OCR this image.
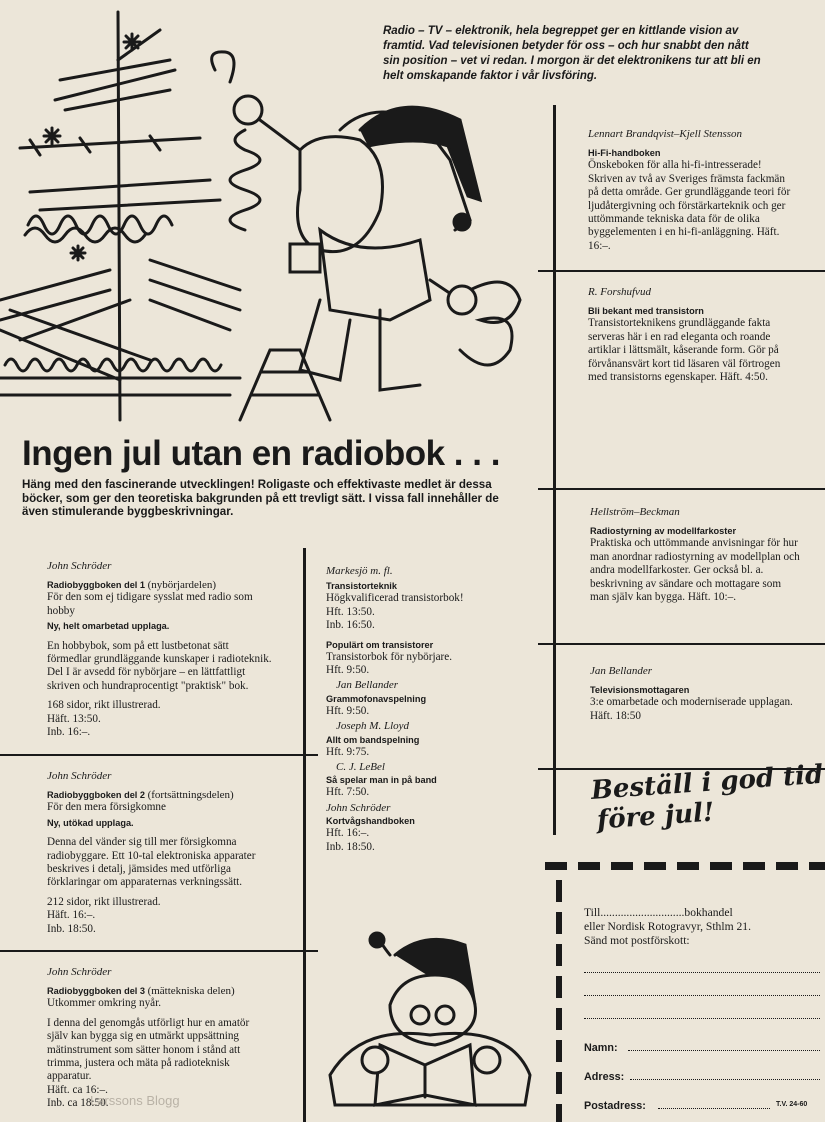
Radio – TV – elektronik, hela begreppet ger en kittlande vision av framtid. Vad televisionen betyder för oss – och hur snabbt den nått sin position – vet vi redan. I morgon är det elektronikens tur att bli en helt omskapande faktor i vår livsföring.
Lennart Brandqvist–Kjell Stensson
Hi-Fi-handboken

Önskeboken för alla hi-fi-intresserade! Skriven av två av Sveriges främsta fackmän på detta område. Ger grundläggande teori för ljudåtergivning och förstärkarteknik och ger uttömmande tekniska data för de olika byggelementen i en hi-fi-anläggning. Häft. 16:–.

R. Forshufvud
Bli bekant med transistorn

Transistorteknikens grundläggande fakta serveras här i en rad eleganta och roande artiklar i lättsmält, kåserande form. Gör på förvånansvärt kort tid läsaren väl förtrogen med transistorns egenskaper. Häft. 4:50.

Ingen jul utan en radiobok . . .
Häng med den fascinerande utvecklingen! Roligaste och effektivaste medlet är dessa böcker, som ger den teoretiska bakgrunden på ett trevligt sätt. I vissa fall innehåller de även stimulerande byggbeskrivningar.	Hellström–Beckman
Radiostyrning av modellfarkoster

Praktiska och uttömmande anvisningar för hur man anordnar radiostyrning av modellplan och andra modellfarkoster. Ger också bl. a. beskrivning av sändare och mottagare som man själv kan bygga. Häft. 10:–.

Jan Bellander
Televisionsmottagaren

3:e omarbetade och moderniserade upplagan. Häft. 18:50

John Schröder
Radiobyggboken del 1 (nybörjardelen)

För den som ej tidigare sysslat med radio som hobby

Ny, helt omarbetad upplaga.

En hobbybok, som på ett lustbetonat sätt förmedlar grundläggande kunskaper i radioteknik. Del I är avsedd för nybörjare – en lättfattligt skriven och hundraprocentigt "praktisk" bok.

168 sidor, rikt illustrerad.
Häft. 13:50.
Inb. 16:–.
John Schröder
Radiobyggboken del 2 (fortsättningsdelen)

För den mera försigkomne

Ny, utökad upplaga.

Denna del vänder sig till mer försigkomna radiobyggare. Ett 10-tal elektroniska apparater beskrives i detalj, jämsides med utförliga förklaringar om apparaternas verkningssätt.

212 sidor, rikt illustrerad.
Häft. 16:–.
Inb. 18:50.
John Schröder
Radiobyggboken del 3 (mättekniska delen)

Utkommer omkring nyår.

I denna del genomgås utförligt hur en amatör själv kan bygga sig en utmärkt uppsättning mätinstrument som sätter honom i stånd att trimma, justera och mäta på radioteknisk apparatur.

Häft. ca 16:–.
Inb. ca 18:50.
Markesjö m. fl.
Transistorteknik
Högkvalificerad transistorbok!
Hft. 13:50.
Inb. 16:50.
Populärt om transistorer
Transistorbok för nybörjare.
Hft. 9:50.
Jan Bellander
Grammofonavspelning
Hft. 9:50.
Joseph M. Lloyd
Allt om bandspelning
Hft. 9:75.
C. J. LeBel
Så spelar man in på band
Hft. 7:50.
John Schröder
Kortvågshandboken
Hft. 16:–.
Inb. 18:50.
Beställ i god tid
före jul!
Till.............................bokhandel
eller Nordisk Rotogravyr, Sthlm 21.
Sänd mot postförskott:
Namn:
Adress:
Postadress:	T.V. 24-60
Larssons Blogg
